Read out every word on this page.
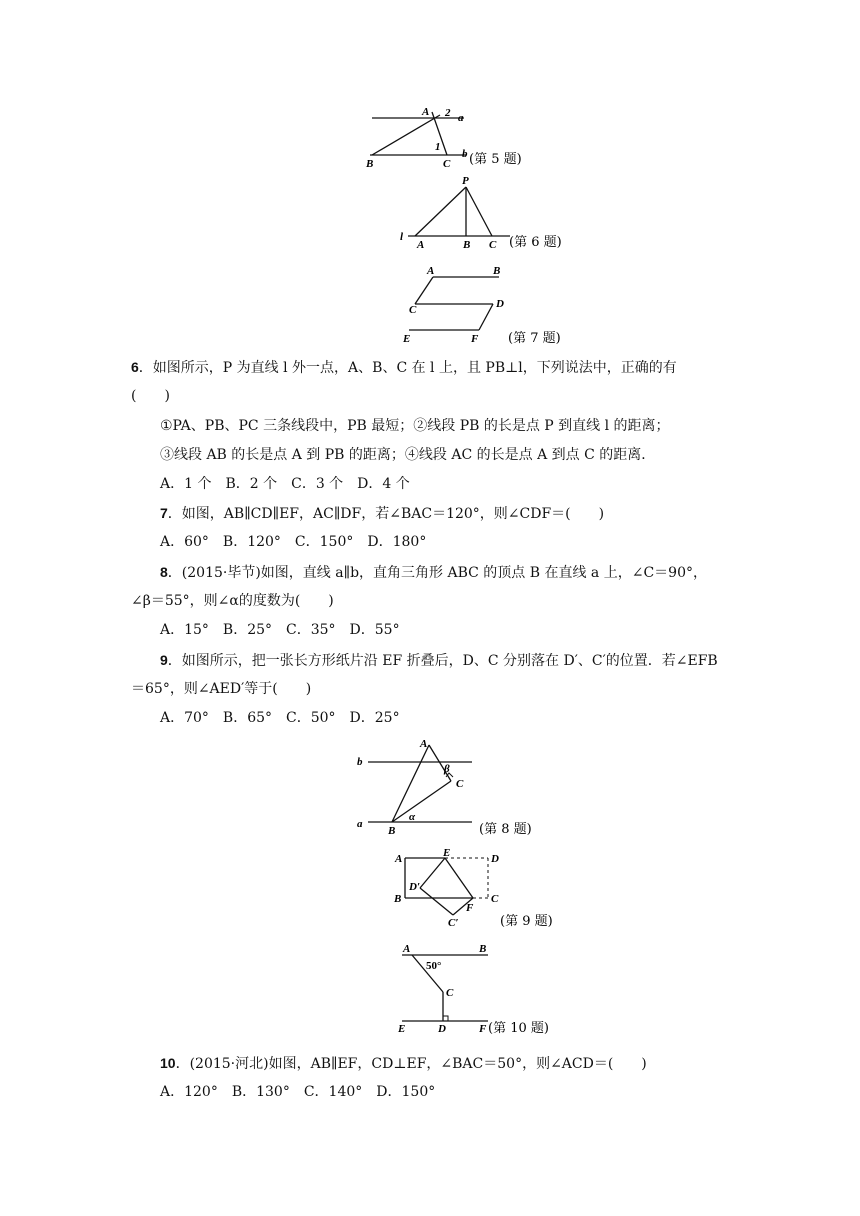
A 2 a
1
b
B	C (第 5 题)
P
l
A	B C (第 6 题)
A	B
C	D
E	F (第 7 题)
6．如图所示，P 为直线 l 外一点，A、B、C 在 l 上，且 PB⊥l，下列说法中，正确的有
(　　)
①PA、PB、PC 三条线段中，PB 最短；②线段 PB 的长是点 P 到直线 l 的距离；
③线段 AB 的长是点 A 到 PB 的距离；④线段 AC 的长是点 A 到点 C 的距离．
A．1 个　B．2 个　C．3 个　D．4 个
7．如图，AB∥CD∥EF，AC∥DF，若∠BAC＝120°，则∠CDF＝(　　)
A．60°　B．120°　C．150°　D．180°
8．(2015·毕节)如图，直线 a∥b，直角三角形 ABC 的顶点 B 在直线 a 上，∠C＝90°，
∠β＝55°，则∠α的度数为(　　)
A．15°　B．25°　C．35°　D．55°
9．如图所示，把一张长方形纸片沿 EF 折叠后，D、C 分别落在 D′、C′的位置．若∠EFB
＝65°，则∠AED′等于(　　)
A．70°　B．65°　C．50°　D．25°
10．(2015·河北)如图，AB∥EF，CD⊥EF，∠BAC＝50°，则∠ACD＝(　　)
A．120°　B．130°　C．140°　D．150°
A
b
β
C
α
a
B	(第 8 题)
A	E	D
D′
C
B
F
C′	(第 9 题)
A	B
50°
C
E	D	F (第 10 题)
